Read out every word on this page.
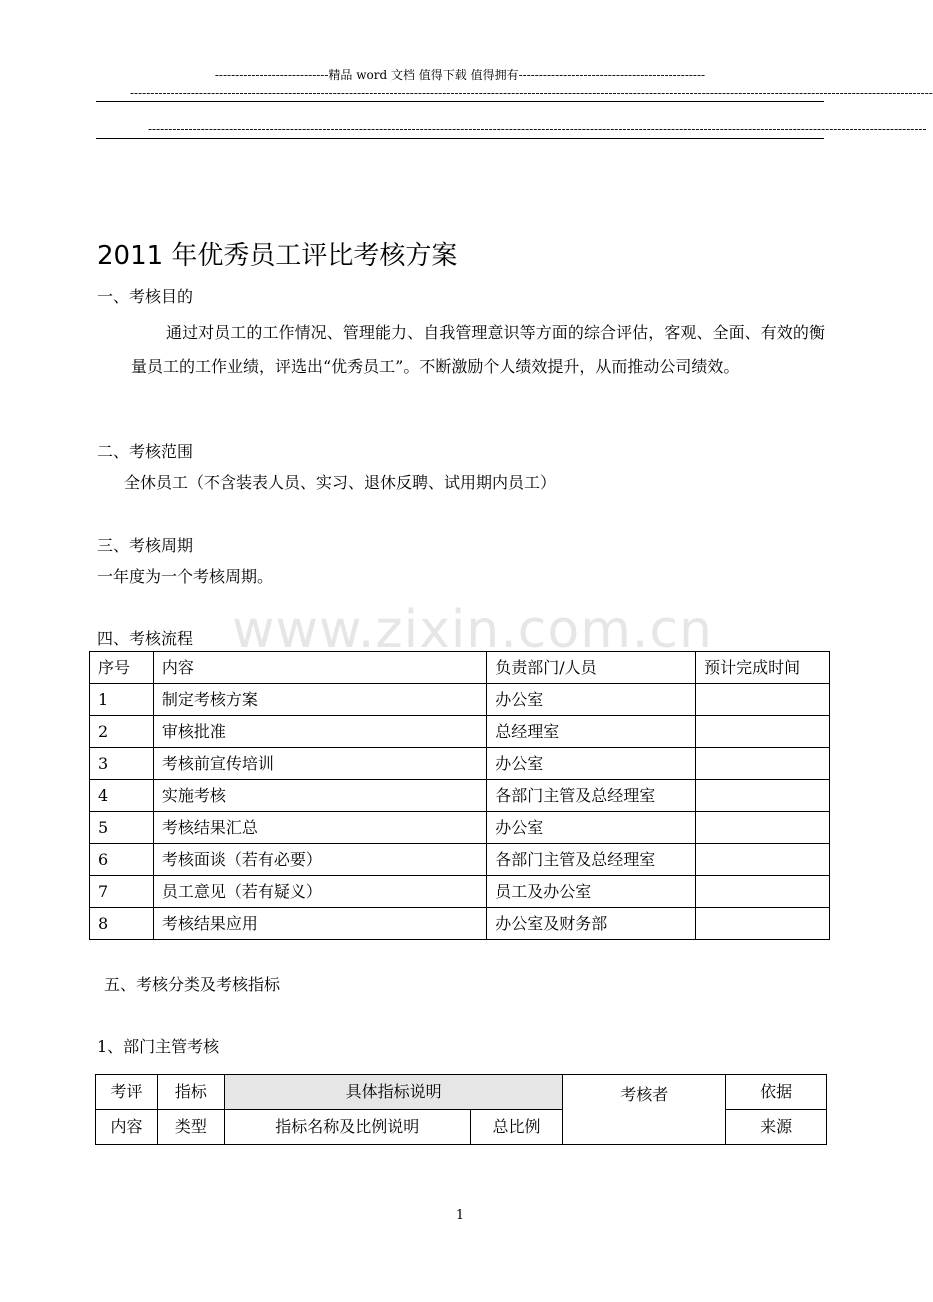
----------------------------精品 word 文档 值得下载 值得拥有----------------------------------------------
------------------------------------------------------------------------------------------------------------------------------------------------------------------------------------------------------
------------------------------------------------------------------------------------------------------------------------------------------------------------------------------------------------
www.zixin.com.cn
2011 年优秀员工评比考核方案
一、考核目的
通过对员工的工作情况、管理能力、自我管理意识等方面的综合评估，客观、全面、有效的衡量员工的工作业绩，评选出“优秀员工”。不断激励个人绩效提升，从而推动公司绩效。
二、考核范围
全休员工（不含装表人员、实习、退休反聘、试用期内员工）
三、考核周期
一年度为一个考核周期。
四、考核流程
序号	内容	负责部门/人员	预计完成时间
1	制定考核方案	办公室	
2	审核批准	总经理室	
3	考核前宣传培训	办公室	
4	实施考核	各部门主管及总经理室	
5	考核结果汇总	办公室	
6	考核面谈（若有必要）	各部门主管及总经理室	
7	员工意见（若有疑义）	员工及办公室	
8	考核结果应用	办公室及财务部	
五、考核分类及考核指标
1、部门主管考核
考评	指标	具体指标说明		考核者	依据
内容	类型	指标名称及比例说明	总比例		来源
1
